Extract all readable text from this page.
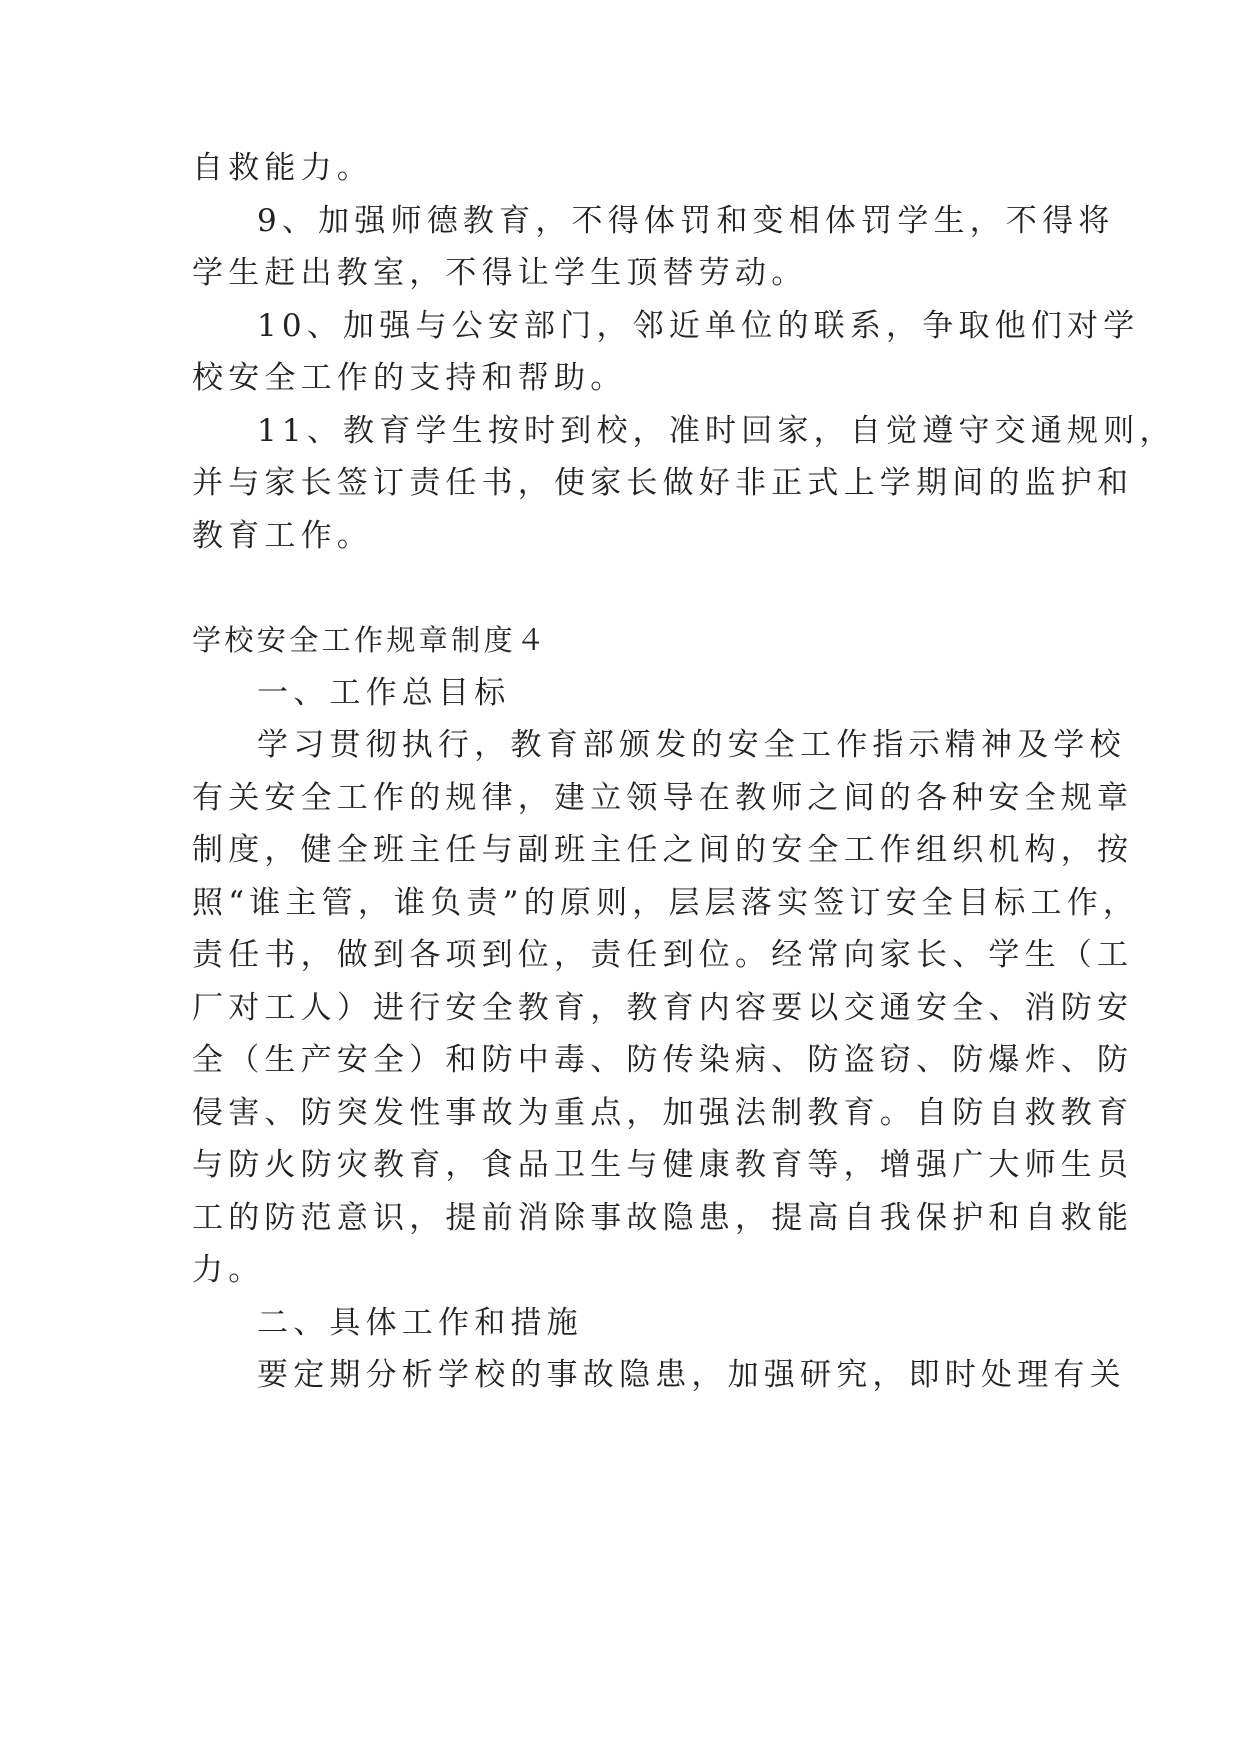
自救能力。
9、加强师德教育，不得体罚和变相体罚学生，不得将
学生赶出教室，不得让学生顶替劳动。
10、加强与公安部门，邻近单位的联系，争取他们对学
校安全工作的支持和帮助。
11、教育学生按时到校，准时回家，自觉遵守交通规则，
并与家长签订责任书，使家长做好非正式上学期间的监护和
教育工作。
学校安全工作规章制度４
一、工作总目标
学习贯彻执行，教育部颁发的安全工作指示精神及学校
有关安全工作的规律，建立领导在教师之间的各种安全规章
制度，健全班主任与副班主任之间的安全工作组织机构，按
照“谁主管，谁负责”的原则，层层落实签订安全目标工作，
责任书，做到各项到位，责任到位。经常向家长、学生（工
厂对工人）进行安全教育，教育内容要以交通安全、消防安
全（生产安全）和防中毒、防传染病、防盗窃、防爆炸、防
侵害、防突发性事故为重点，加强法制教育。自防自救教育
与防火防灾教育，食品卫生与健康教育等，增强广大师生员
工的防范意识，提前消除事故隐患，提高自我保护和自救能
力。
二、具体工作和措施
要定期分析学校的事故隐患，加强研究，即时处理有关
